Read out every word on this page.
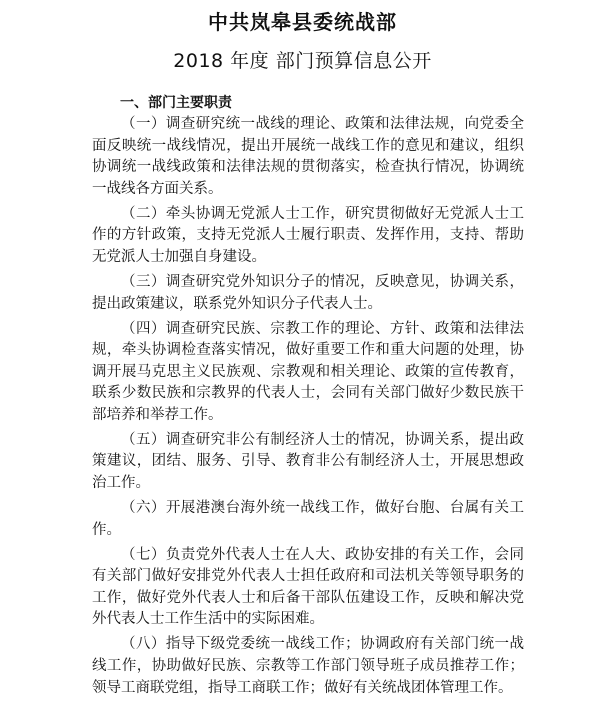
中共岚皋县委统战部
2018 年度 部门预算信息公开
一、部门主要职责

（一）调查研究统一战线的理论、政策和法律法规，向党委全面反映统一战线情况，提出开展统一战线工作的意见和建议，组织协调统一战线政策和法律法规的贯彻落实，检查执行情况，协调统一战线各方面关系。

（二）牵头协调无党派人士工作，研究贯彻做好无党派人士工作的方针政策，支持无党派人士履行职责、发挥作用，支持、帮助无党派人士加强自身建设。

（三）调查研究党外知识分子的情况，反映意见，协调关系，提出政策建议，联系党外知识分子代表人士。

（四）调查研究民族、宗教工作的理论、方针、政策和法律法规，牵头协调检查落实情况，做好重要工作和重大问题的处理，协调开展马克思主义民族观、宗教观和相关理论、政策的宣传教育，联系少数民族和宗教界的代表人士，会同有关部门做好少数民族干部培养和举荐工作。

（五）调查研究非公有制经济人士的情况，协调关系，提出政策建议，团结、服务、引导、教育非公有制经济人士，开展思想政治工作。

（六）开展港澳台海外统一战线工作，做好台胞、台属有关工作。

（七）负责党外代表人士在人大、政协安排的有关工作，会同有关部门做好安排党外代表人士担任政府和司法机关等领导职务的工作，做好党外代表人士和后备干部队伍建设工作，反映和解决党外代表人士工作生活中的实际困难。

（八）指导下级党委统一战线工作；协调政府有关部门统一战线工作，协助做好民族、宗教等工作部门领导班子成员推荐工作；领导工商联党组，指导工商联工作；做好有关统战团体管理工作。
